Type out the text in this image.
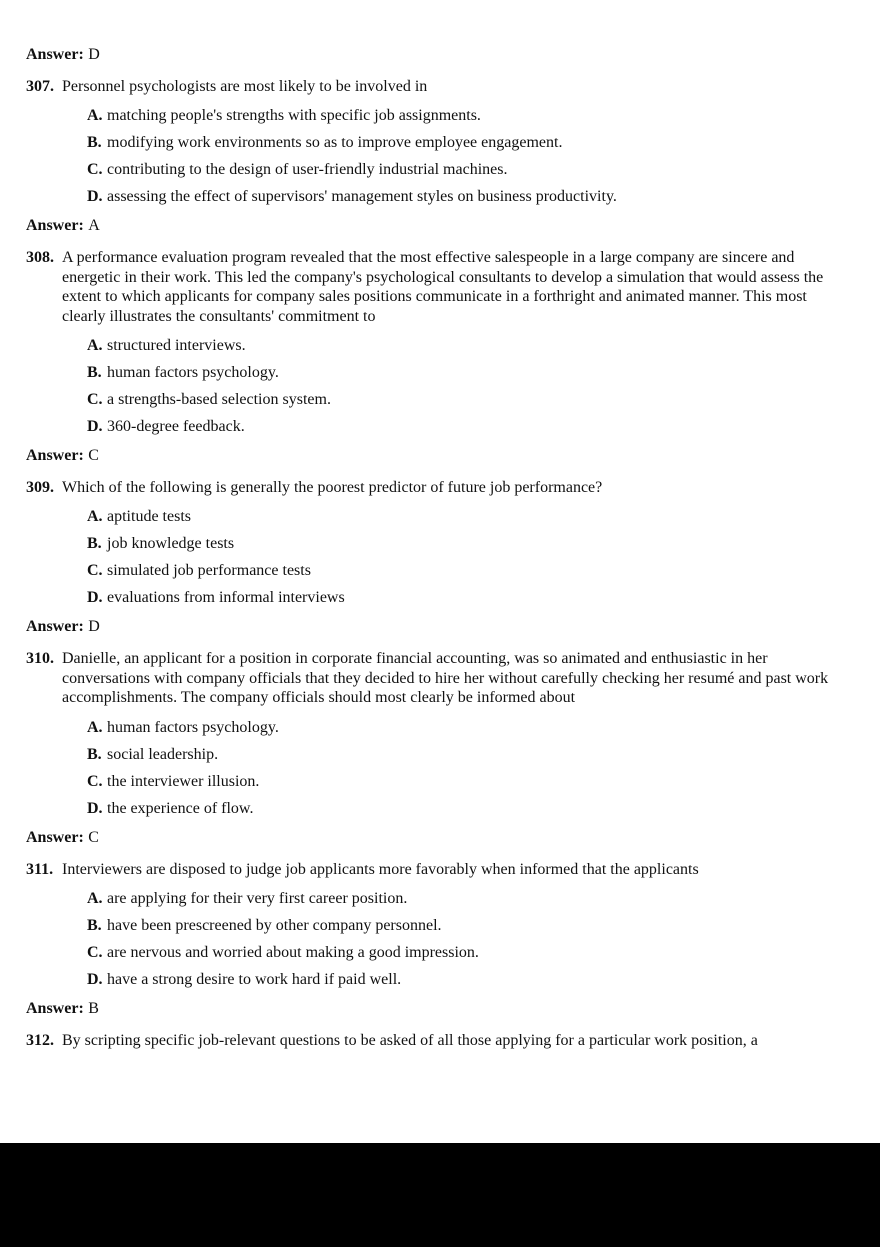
Answer: D

307. Personnel psychologists are most likely to be involved in
A. matching people's strengths with specific job assignments.
B. modifying work environments so as to improve employee engagement.
C. contributing to the design of user-friendly industrial machines.
D. assessing the effect of supervisors' management styles on business productivity.

Answer: A

308. A performance evaluation program revealed that the most effective salespeople in a large company are sincere and energetic in their work. This led the company's psychological consultants to develop a simulation that would assess the extent to which applicants for company sales positions communicate in a forthright and animated manner. This most clearly illustrates the consultants' commitment to
A. structured interviews.
B. human factors psychology.
C. a strengths-based selection system.
D. 360-degree feedback.

Answer: C

309. Which of the following is generally the poorest predictor of future job performance?
A. aptitude tests
B. job knowledge tests
C. simulated job performance tests
D. evaluations from informal interviews

Answer: D

310. Danielle, an applicant for a position in corporate financial accounting, was so animated and enthusiastic in her conversations with company officials that they decided to hire her without carefully checking her resumé and past work accomplishments. The company officials should most clearly be informed about
A. human factors psychology.
B. social leadership.
C. the interviewer illusion.
D. the experience of flow.

Answer: C

311. Interviewers are disposed to judge job applicants more favorably when informed that the applicants
A. are applying for their very first career position.
B. have been prescreened by other company personnel.
C. are nervous and worried about making a good impression.
D. have a strong desire to work hard if paid well.

Answer: B

312. By scripting specific job-relevant questions to be asked of all those applying for a particular work position, a
